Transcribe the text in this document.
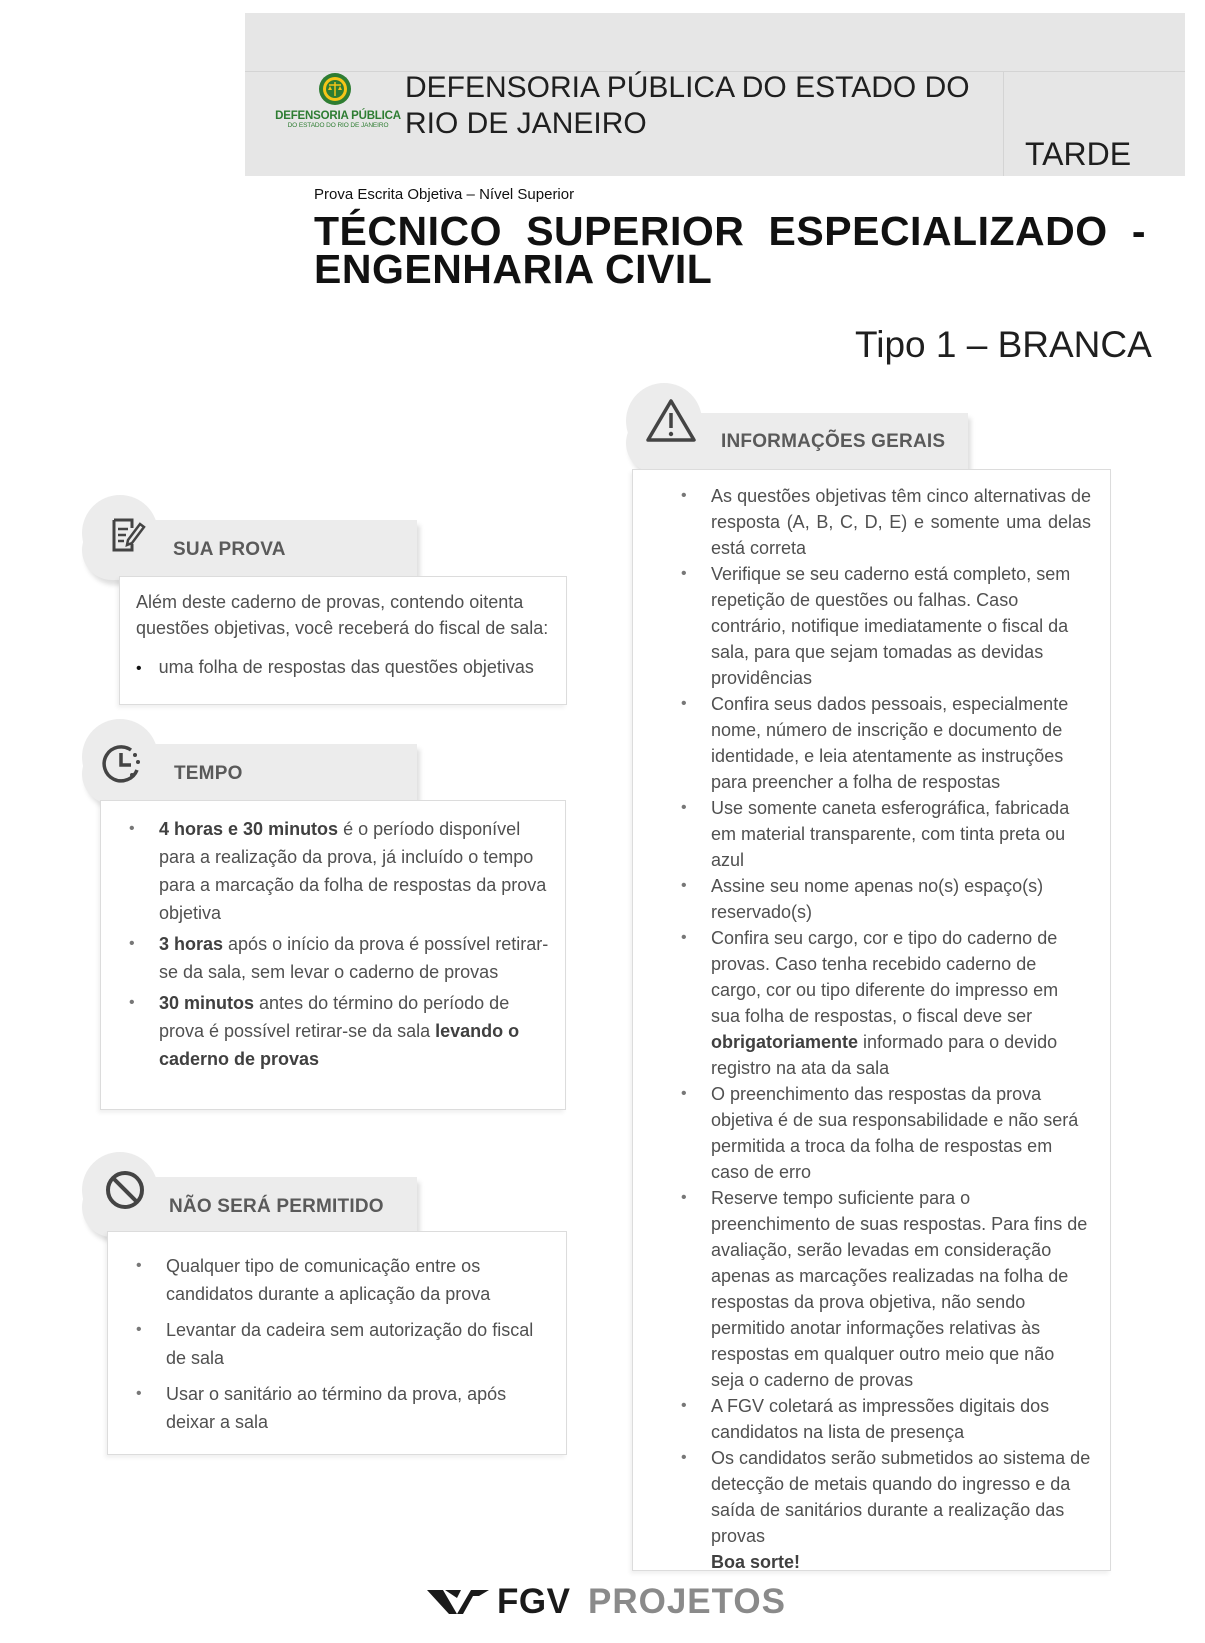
DEFENSORIA PÚBLICA
DO ESTADO DO RIO DE JANEIRO
DEFENSORIA PÚBLICA DO ESTADO DO RIO DE JANEIRO
TARDE
Prova Escrita Objetiva – Nível Superior
TÉCNICO SUPERIOR ESPECIALIZADO - ENGENHARIA CIVIL
Tipo 1 – BRANCA
SUA PROVA
Além deste caderno de provas, contendo oitenta questões objetivas, você receberá do fiscal de sala:
• uma folha de respostas das questões objetivas
TEMPO
• 4 horas e 30 minutos é o período disponível para a realização da prova, já incluído o tempo para a marcação da folha de respostas da prova objetiva
• 3 horas após o início da prova é possível retirar-se da sala, sem levar o caderno de provas
• 30 minutos antes do término do período de prova é possível retirar-se da sala levando o caderno de provas
NÃO SERÁ PERMITIDO
• Qualquer tipo de comunicação entre os candidatos durante a aplicação da prova
• Levantar da cadeira sem autorização do fiscal de sala
• Usar o sanitário ao término da prova, após deixar a sala
INFORMAÇÕES GERAIS
• As questões objetivas têm cinco alternativas de resposta (A, B, C, D, E) e somente uma delas está correta
• Verifique se seu caderno está completo, sem repetição de questões ou falhas. Caso contrário, notifique imediatamente o fiscal da sala, para que sejam tomadas as devidas providências
• Confira seus dados pessoais, especialmente nome, número de inscrição e documento de identidade, e leia atentamente as instruções para preencher a folha de respostas
• Use somente caneta esferográfica, fabricada em material transparente, com tinta preta ou azul
• Assine seu nome apenas no(s) espaço(s) reservado(s)
• Confira seu cargo, cor e tipo do caderno de provas. Caso tenha recebido caderno de cargo, cor ou tipo diferente do impresso em sua folha de respostas, o fiscal deve ser obrigatoriamente informado para o devido registro na ata da sala
• O preenchimento das respostas da prova objetiva é de sua responsabilidade e não será permitida a troca da folha de respostas em caso de erro
• Reserve tempo suficiente para o preenchimento de suas respostas. Para fins de avaliação, serão levadas em consideração apenas as marcações realizadas na folha de respostas da prova objetiva, não sendo permitido anotar informações relativas às respostas em qualquer outro meio que não seja o caderno de provas
• A FGV coletará as impressões digitais dos candidatos na lista de presença
• Os candidatos serão submetidos ao sistema de detecção de metais quando do ingresso e da saída de sanitários durante a realização das provas
Boa sorte!
FGV PROJETOS
